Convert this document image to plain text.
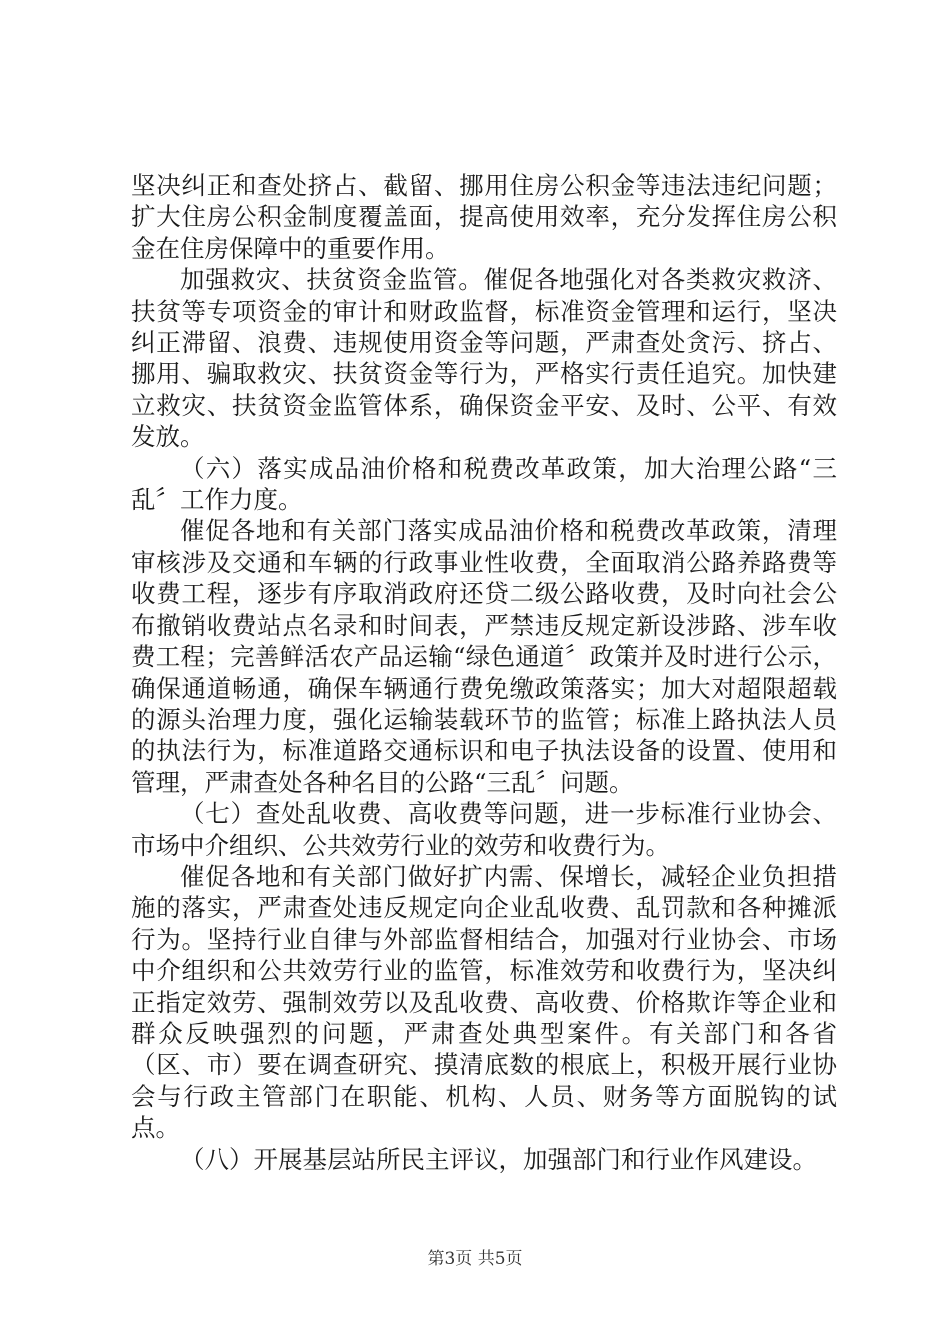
坚决纠正和查处挤占、截留、挪用住房公积金等违法违纪问题；扩大住房公积金制度覆盖面，提高使用效率，充分发挥住房公积金在住房保障中的重要作用。

加强救灾、扶贫资金监管。催促各地强化对各类救灾救济、扶贫等专项资金的审计和财政监督，标准资金管理和运行，坚决纠正滞留、浪费、违规使用资金等问题，严肃查处贪污、挤占、挪用、骗取救灾、扶贫资金等行为，严格实行责任追究。加快建立救灾、扶贫资金监管体系，确保资金平安、及时、公平、有效发放。

（六）落实成品油价格和税费改革政策，加大治理公路“三乱〞工作力度。

催促各地和有关部门落实成品油价格和税费改革政策，清理审核涉及交通和车辆的行政事业性收费，全面取消公路养路费等收费工程，逐步有序取消政府还贷二级公路收费，及时向社会公布撤销收费站点名录和时间表，严禁违反规定新设涉路、涉车收费工程；完善鲜活农产品运输“绿色通道〞政策并及时进行公示，确保通道畅通，确保车辆通行费免缴政策落实；加大对超限超载的源头治理力度，强化运输装载环节的监管；标准上路执法人员的执法行为，标准道路交通标识和电子执法设备的设置、使用和管理，严肃查处各种名目的公路“三乱〞问题。

（七）查处乱收费、高收费等问题，进一步标准行业协会、市场中介组织、公共效劳行业的效劳和收费行为。

催促各地和有关部门做好扩内需、保增长，减轻企业负担措施的落实，严肃查处违反规定向企业乱收费、乱罚款和各种摊派行为。坚持行业自律与外部监督相结合，加强对行业协会、市场中介组织和公共效劳行业的监管，标准效劳和收费行为，坚决纠正指定效劳、强制效劳以及乱收费、高收费、价格欺诈等企业和群众反映强烈的问题，严肃查处典型案件。有关部门和各省（区、市）要在调查研究、摸清底数的根底上，积极开展行业协会与行政主管部门在职能、机构、人员、财务等方面脱钩的试点。

（八）开展基层站所民主评议，加强部门和行业作风建设。

第3页 共5页
